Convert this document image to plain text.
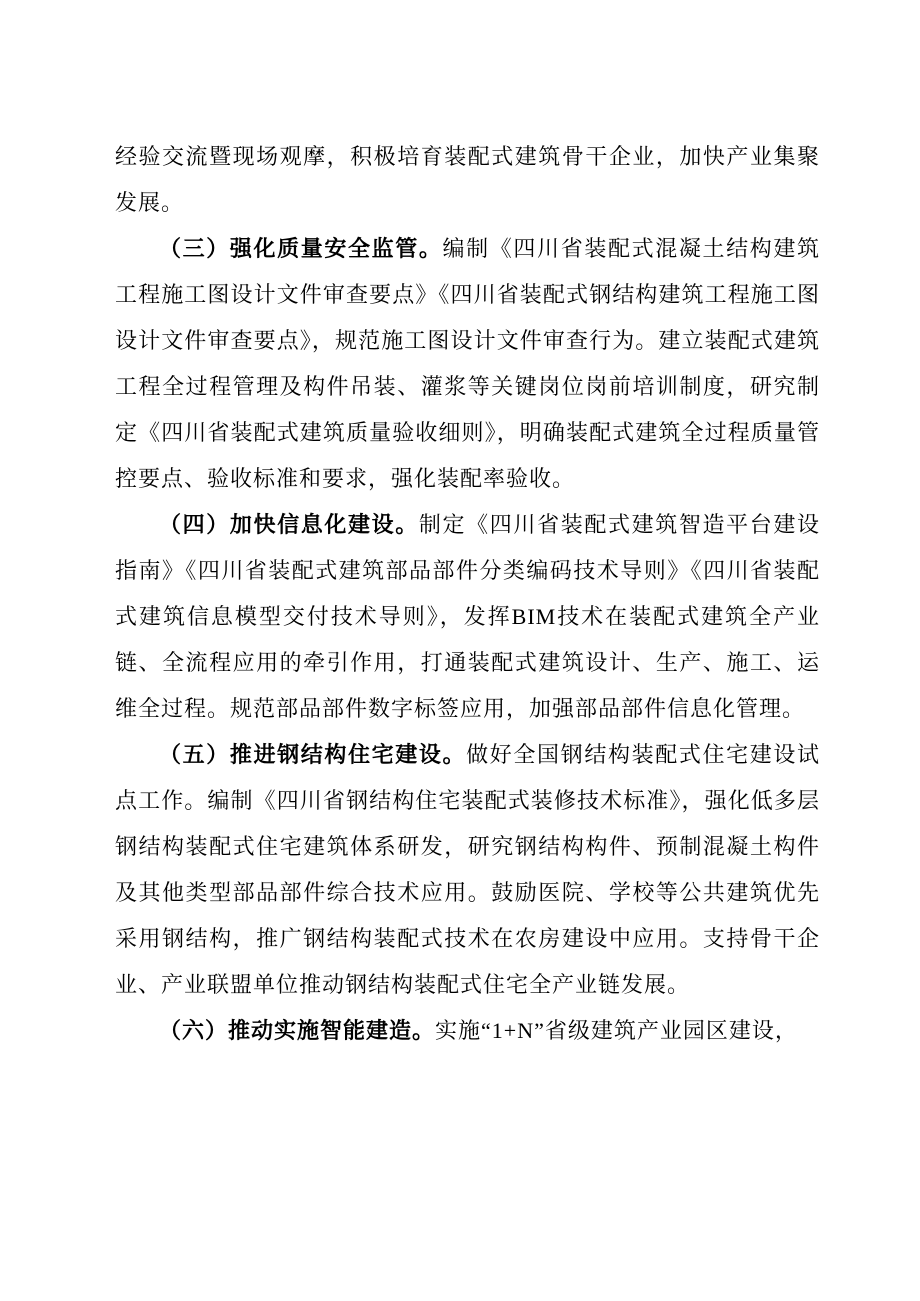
经验交流暨现场观摩，积极培育装配式建筑骨干企业，加快产业集聚发展。

（三）强化质量安全监管。编制《四川省装配式混凝土结构建筑工程施工图设计文件审查要点》《四川省装配式钢结构建筑工程施工图设计文件审查要点》，规范施工图设计文件审查行为。建立装配式建筑工程全过程管理及构件吊装、灌浆等关键岗位岗前培训制度，研究制定《四川省装配式建筑质量验收细则》，明确装配式建筑全过程质量管控要点、验收标准和要求，强化装配率验收。

（四）加快信息化建设。制定《四川省装配式建筑智造平台建设指南》《四川省装配式建筑部品部件分类编码技术导则》《四川省装配式建筑信息模型交付技术导则》，发挥BIM技术在装配式建筑全产业链、全流程应用的牵引作用，打通装配式建筑设计、生产、施工、运维全过程。规范部品部件数字标签应用，加强部品部件信息化管理。

（五）推进钢结构住宅建设。做好全国钢结构装配式住宅建设试点工作。编制《四川省钢结构住宅装配式装修技术标准》，强化低多层钢结构装配式住宅建筑体系研发，研究钢结构构件、预制混凝土构件及其他类型部品部件综合技术应用。鼓励医院、学校等公共建筑优先采用钢结构，推广钢结构装配式技术在农房建设中应用。支持骨干企业、产业联盟单位推动钢结构装配式住宅全产业链发展。

（六）推动实施智能建造。实施“1+N”省级建筑产业园区建设，
